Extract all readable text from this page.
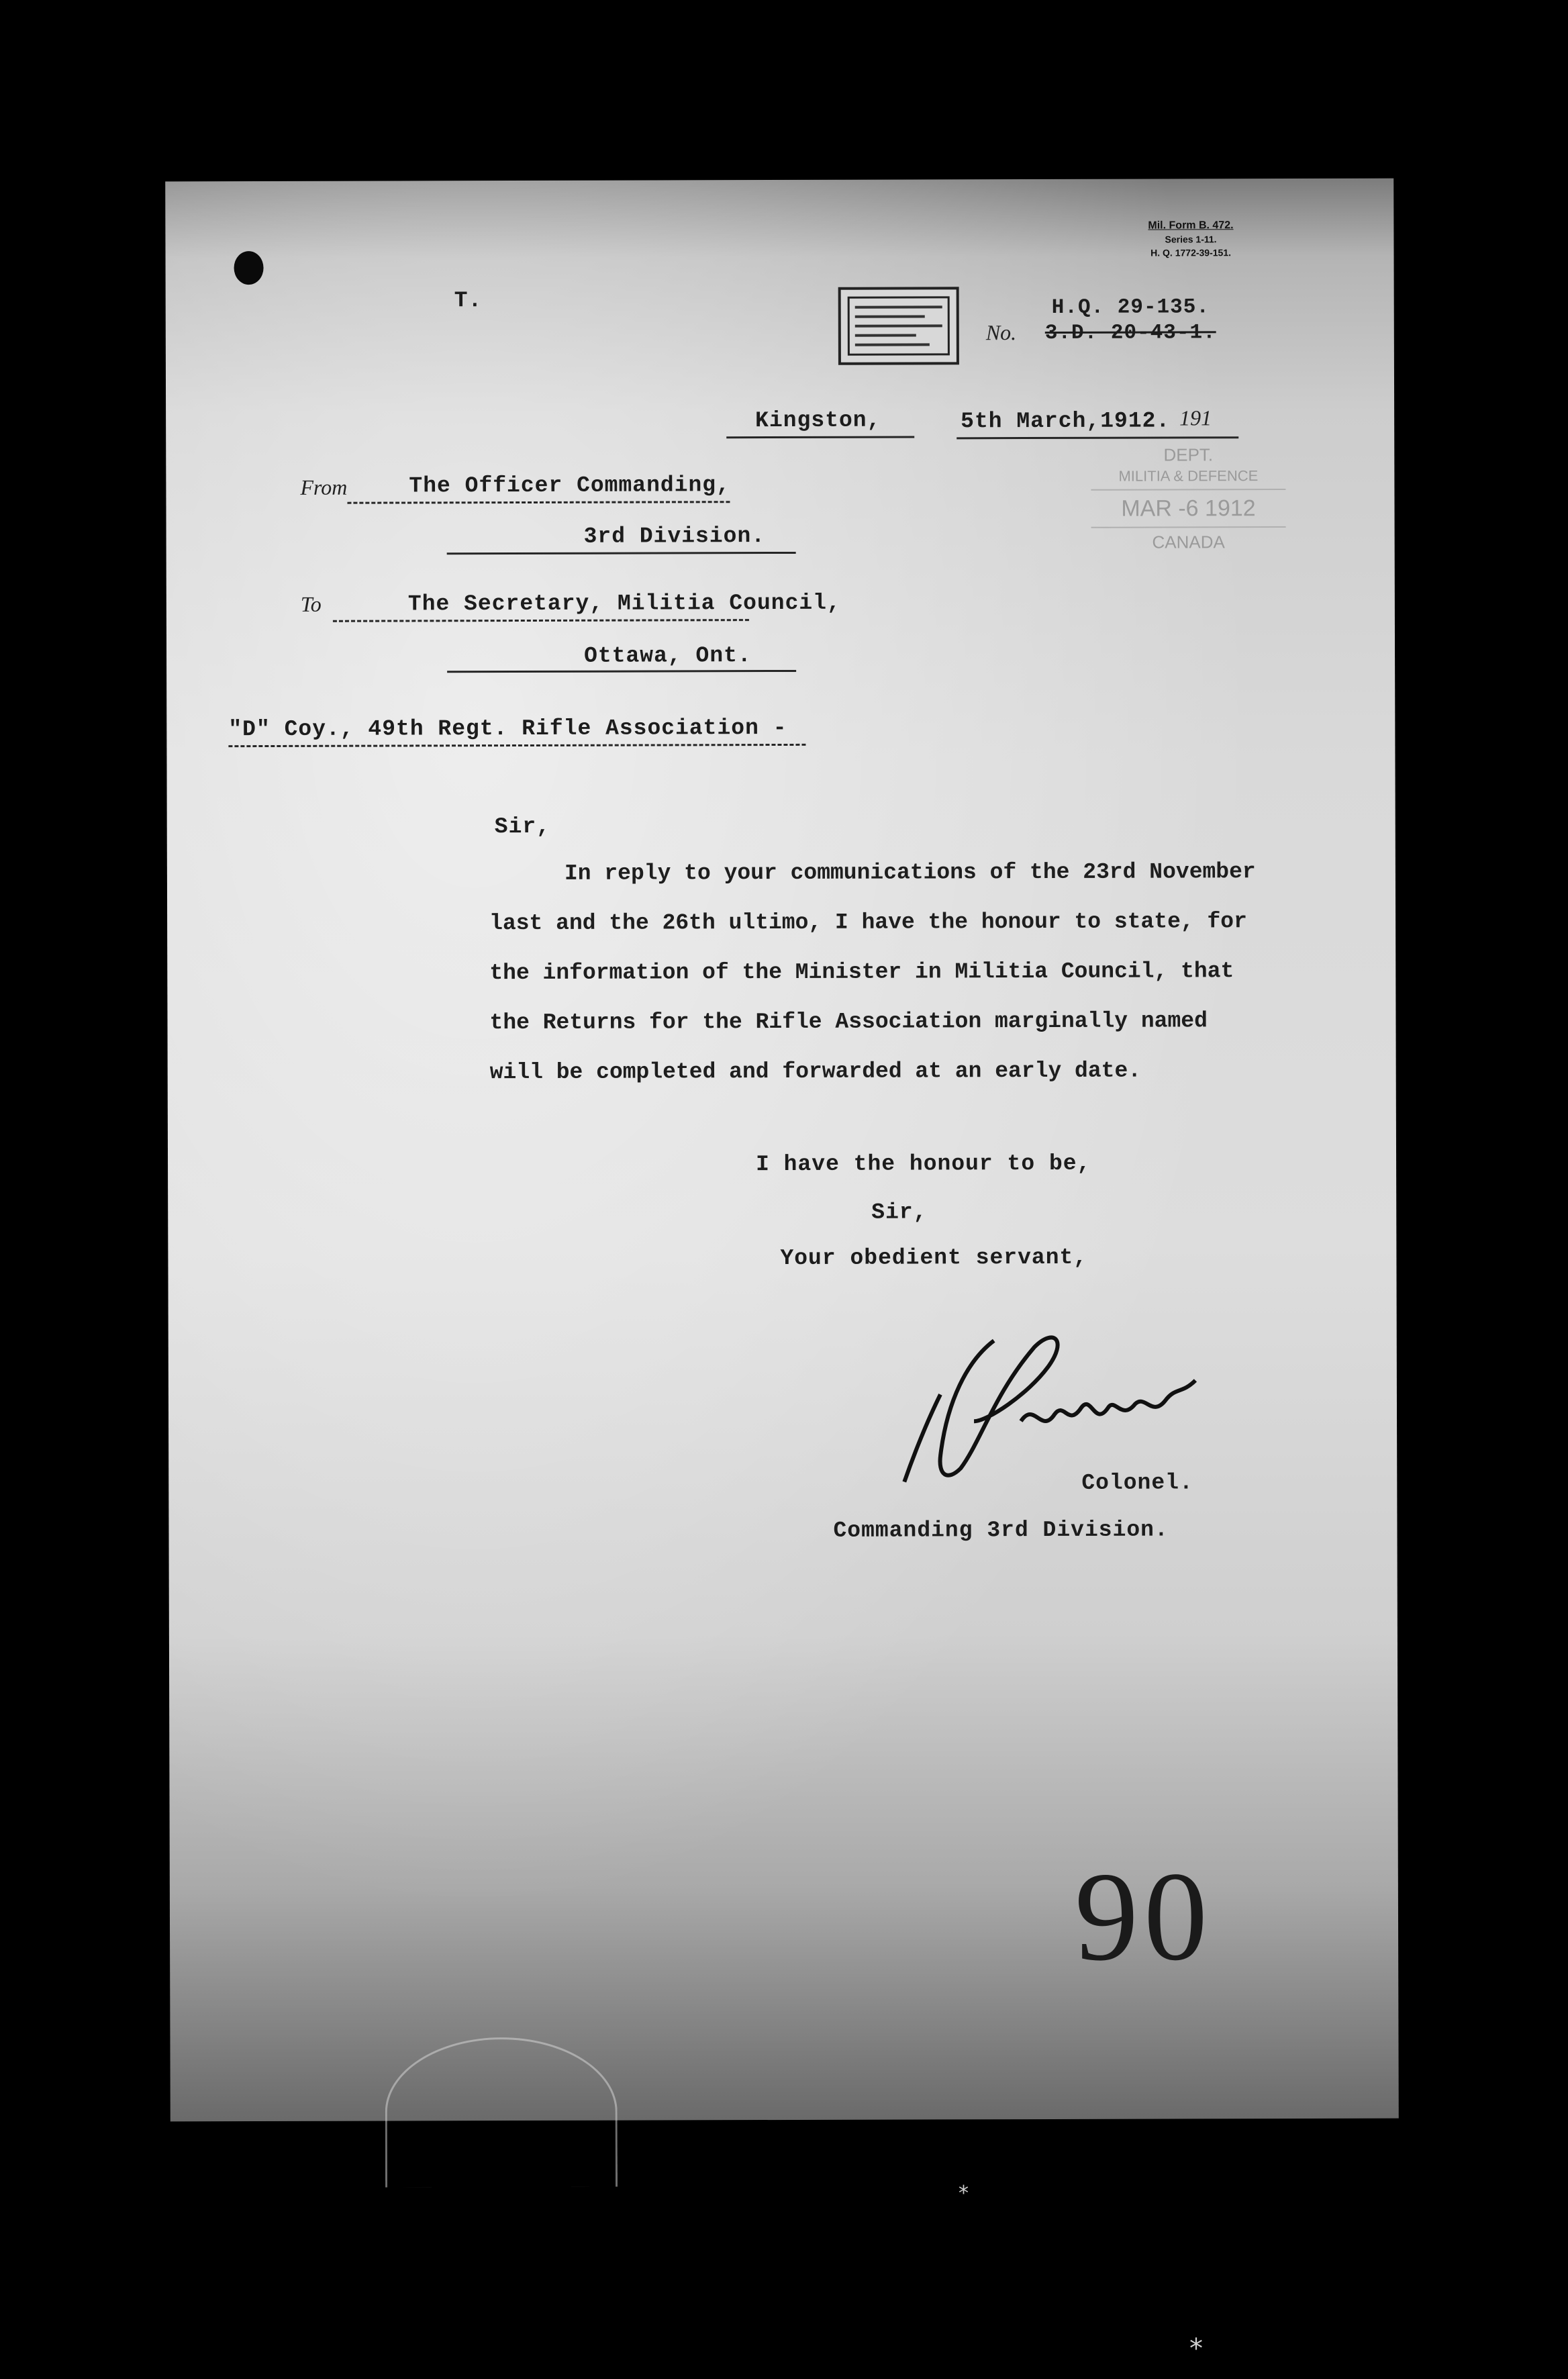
Mil. Form B. 472.
Series 1-11.
H. Q. 1772-39-151.
T.	H.Q. 29-135.
No. 3.D. 20-43-1.
Kingston,	5th March,1912. 191
DEPT.
MILITIA & DEFENCE
MAR -6 1912
CANADA
From	The Officer Commanding,
3rd Division.
To	The Secretary, Militia Council,
Ottawa, Ont.
"D" Coy., 49th Regt. Rifle Association -
Sir,
In reply to your communications of the 23rd November
last and the 26th ultimo, I have the honour to state, for
the information of the Minister in Militia Council, that
the Returns for the Rifle Association marginally named
will be completed and forwarded at an early date.
I have the honour to be,
Sir,
Your obedient servant,
Colonel.
Commanding 3rd Division.
90
*
*
